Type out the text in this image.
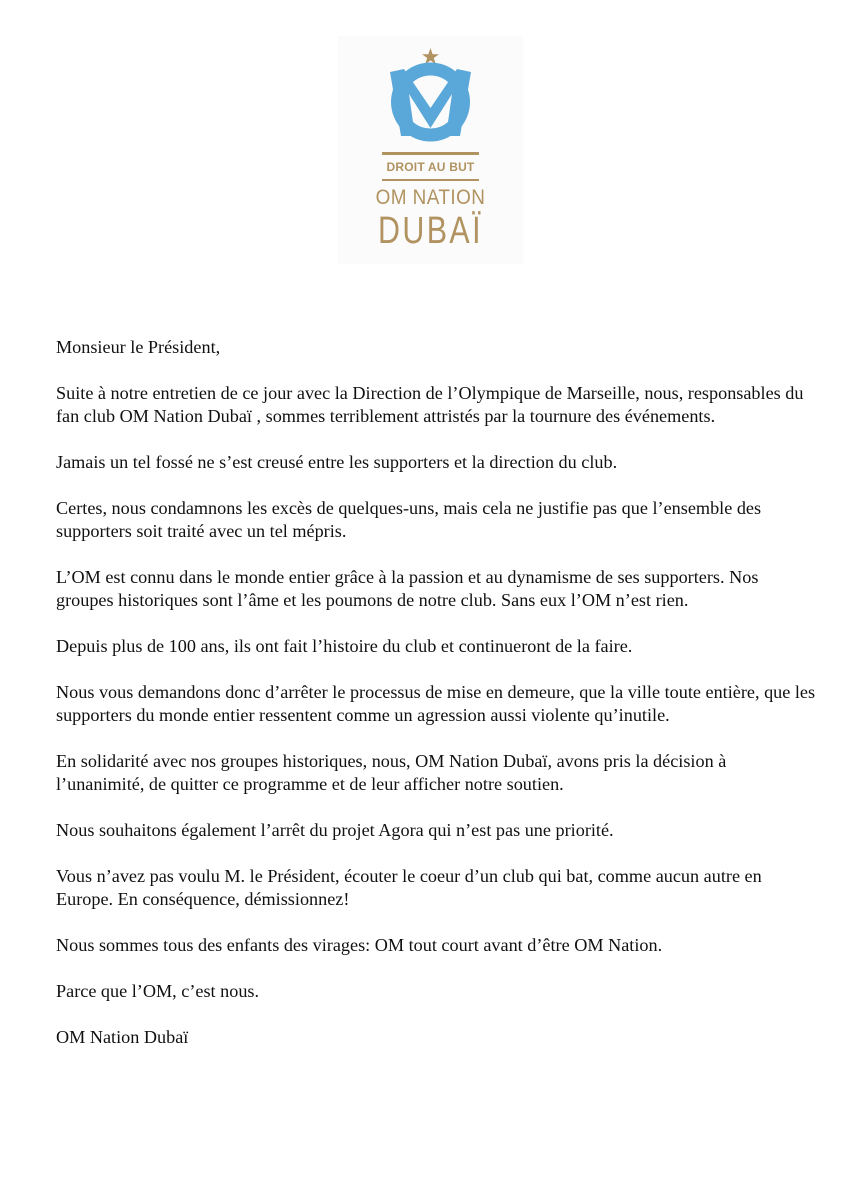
DROIT AU BUT
OM NATION
DUBAÏ

Monsieur le Président,

Suite à notre entretien de ce jour avec la Direction de l’Olympique de Marseille, nous, responsables du fan club OM Nation Dubaï , sommes terriblement attristés par la tournure des événements.

Jamais un tel fossé ne s’est creusé entre les supporters et la direction du club.

Certes, nous condamnons les excès de quelques-uns, mais cela ne justifie pas que l’ensemble des supporters soit traité avec un tel mépris.

L’OM est connu dans le monde entier grâce à la passion et au dynamisme de ses supporters. Nos groupes historiques sont l’âme et les poumons de notre club. Sans eux l’OM n’est rien.

Depuis plus de 100 ans, ils ont fait l’histoire du club et continueront de la faire.

Nous vous demandons donc d’arrêter le processus de mise en demeure, que la ville toute entière, que les supporters du monde entier ressentent comme un agression aussi violente qu’inutile.

En solidarité avec nos groupes historiques, nous, OM Nation Dubaï, avons pris la décision à l’unanimité, de quitter ce programme et de leur afficher notre soutien.

Nous souhaitons également l’arrêt du projet Agora qui n’est pas une priorité.

Vous n’avez pas voulu M. le Président, écouter le coeur d’un club qui bat, comme aucun autre en Europe. En conséquence, démissionnez!

Nous sommes tous des enfants des virages: OM tout court avant d’être OM Nation.

Parce que l’OM, c’est nous.

OM Nation Dubaï
